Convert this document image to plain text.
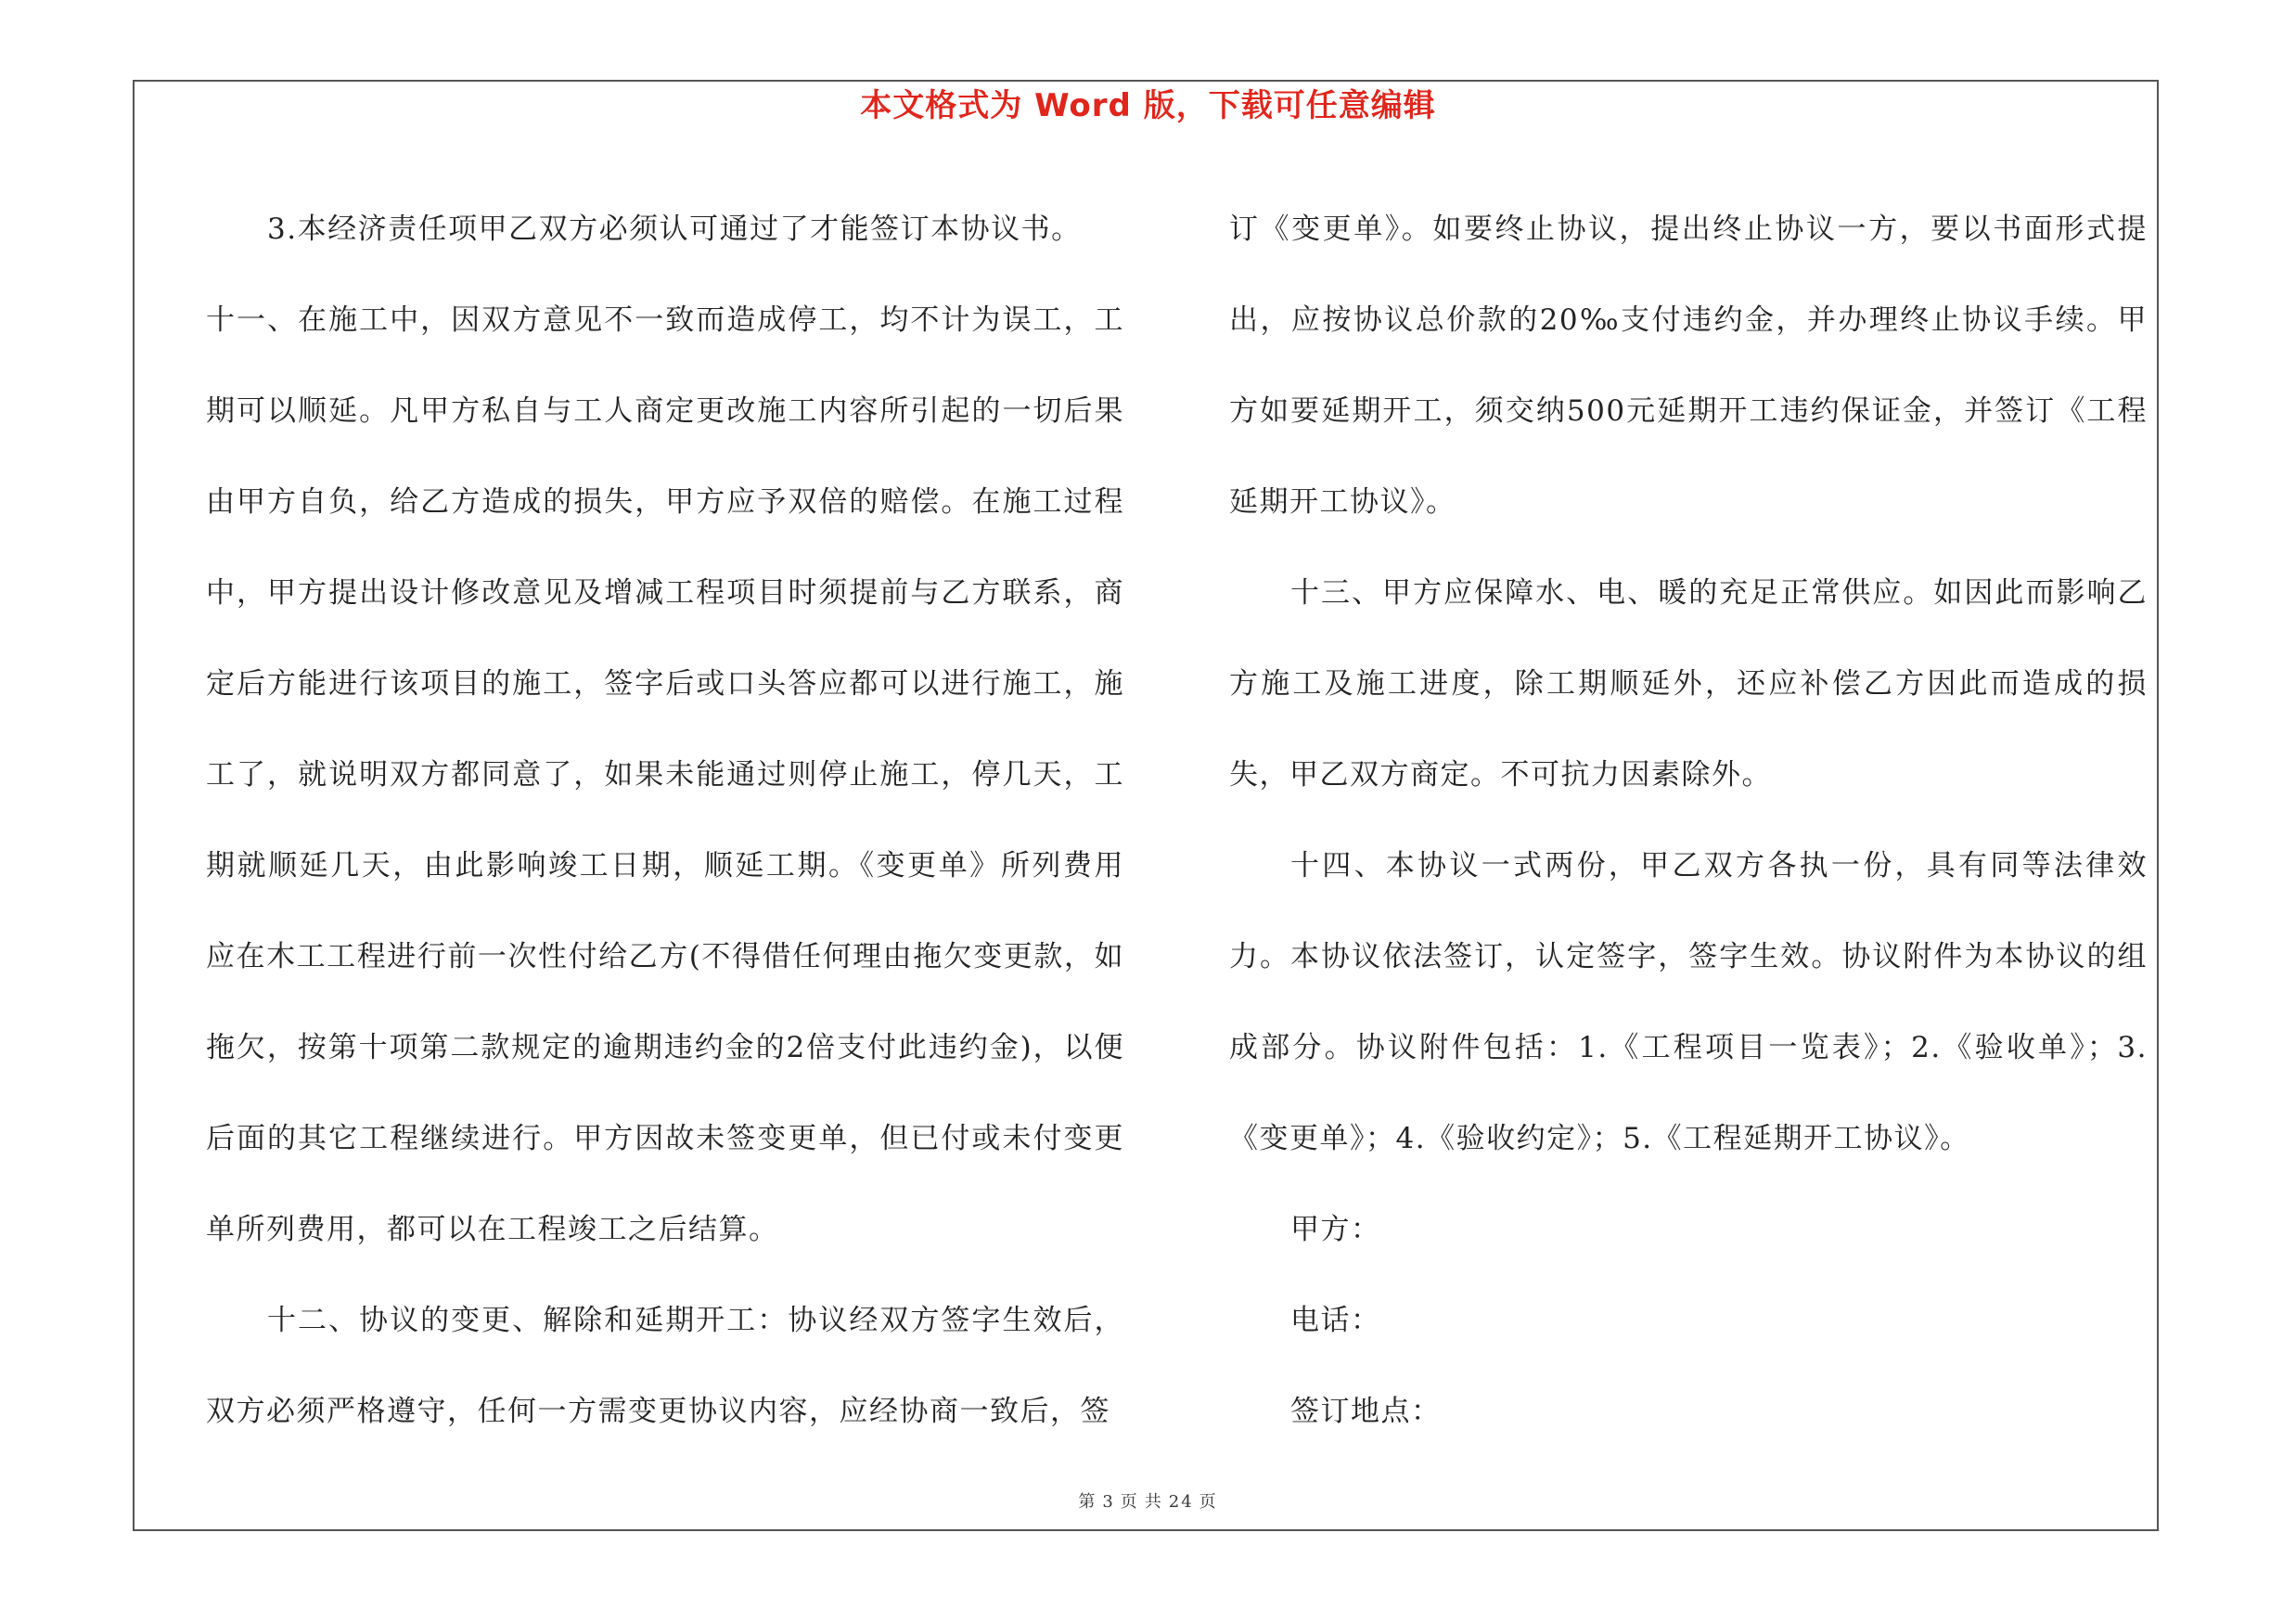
本文格式为 Word 版，下载可任意编辑

3.本经济责任项甲乙双方必须认可通过了才能签订本协议书。

十一、在施工中，因双方意见不一致而造成停工，均不计为误工，工期可以顺延。凡甲方私自与工人商定更改施工内容所引起的一切后果由甲方自负，给乙方造成的损失，甲方应予双倍的赔偿。在施工过程中，甲方提出设计修改意见及增减工程项目时须提前与乙方联系，商定后方能进行该项目的施工，签字后或口头答应都可以进行施工，施工了，就说明双方都同意了，如果未能通过则停止施工，停几天，工期就顺延几天，由此影响竣工日期，顺延工期。《变更单》所列费用应在木工工程进行前一次性付给乙方(不得借任何理由拖欠变更款，如拖欠，按第十项第二款规定的逾期违约金的2倍支付此违约金)，以便后面的其它工程继续进行。甲方因故未签变更单，但已付或未付变更单所列费用，都可以在工程竣工之后结算。

十二、协议的变更、解除和延期开工：协议经双方签字生效后，双方必须严格遵守，任何一方需变更协议内容，应经协商一致后，签

订《变更单》。如要终止协议，提出终止协议一方，要以书面形式提出，应按协议总价款的20‰支付违约金，并办理终止协议手续。甲方如要延期开工，须交纳500元延期开工违约保证金，并签订《工程延期开工协议》。

十三、甲方应保障水、电、暖的充足正常供应。如因此而影响乙方施工及施工进度，除工期顺延外，还应补偿乙方因此而造成的损失，甲乙双方商定。不可抗力因素除外。

十四、本协议一式两份，甲乙双方各执一份，具有同等法律效力。本协议依法签订，认定签字，签字生效。协议附件为本协议的组成部分。协议附件包括：1.《工程项目一览表》；2.《验收单》；3.《变更单》；4.《验收约定》；5.《工程延期开工协议》。

甲方：

电话：

签订地点：

第 3 页 共 24 页
